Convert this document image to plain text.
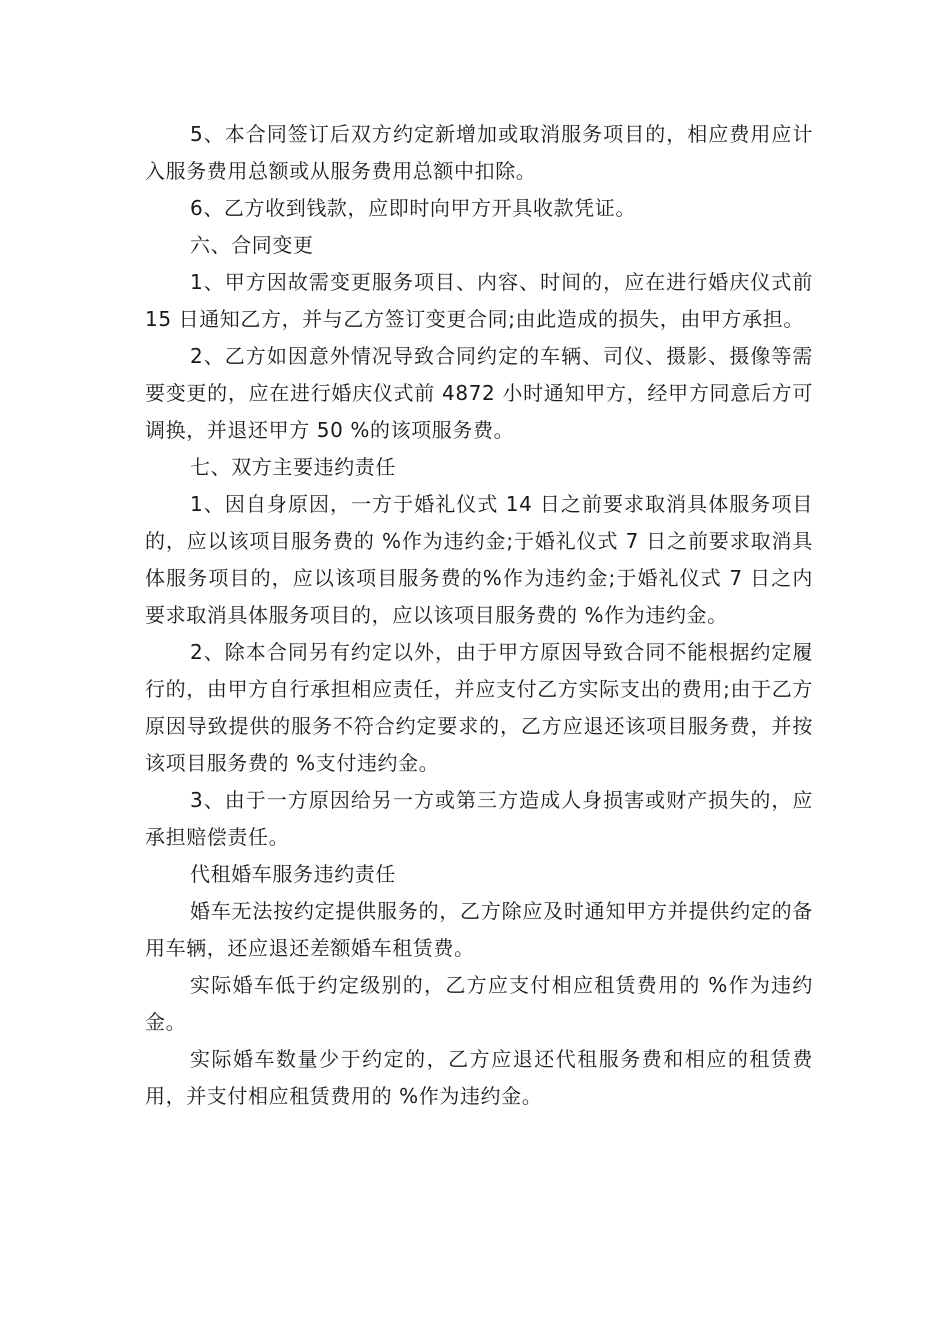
5、本合同签订后双方约定新增加或取消服务项目的，相应费用应计入服务费用总额或从服务费用总额中扣除。

6、乙方收到钱款，应即时向甲方开具收款凭证。

六、合同变更

1、甲方因故需变更服务项目、内容、时间的，应在进行婚庆仪式前 15 日通知乙方，并与乙方签订变更合同;由此造成的损失，由甲方承担。

2、乙方如因意外情况导致合同约定的车辆、司仪、摄影、摄像等需要变更的，应在进行婚庆仪式前 4872 小时通知甲方，经甲方同意后方可调换，并退还甲方 50 %的该项服务费。

七、双方主要违约责任

1、因自身原因，一方于婚礼仪式 14 日之前要求取消具体服务项目的，应以该项目服务费的 %作为违约金;于婚礼仪式 7 日之前要求取消具体服务项目的，应以该项目服务费的%作为违约金;于婚礼仪式 7 日之内要求取消具体服务项目的，应以该项目服务费的 %作为违约金。

2、除本合同另有约定以外，由于甲方原因导致合同不能根据约定履行的，由甲方自行承担相应责任，并应支付乙方实际支出的费用;由于乙方原因导致提供的服务不符合约定要求的，乙方应退还该项目服务费，并按该项目服务费的 %支付违约金。

3、由于一方原因给另一方或第三方造成人身损害或财产损失的，应承担赔偿责任。

代租婚车服务违约责任

婚车无法按约定提供服务的，乙方除应及时通知甲方并提供约定的备用车辆，还应退还差额婚车租赁费。

实际婚车低于约定级别的，乙方应支付相应租赁费用的 %作为违约金。

实际婚车数量少于约定的，乙方应退还代租服务费和相应的租赁费用，并支付相应租赁费用的 %作为违约金。
